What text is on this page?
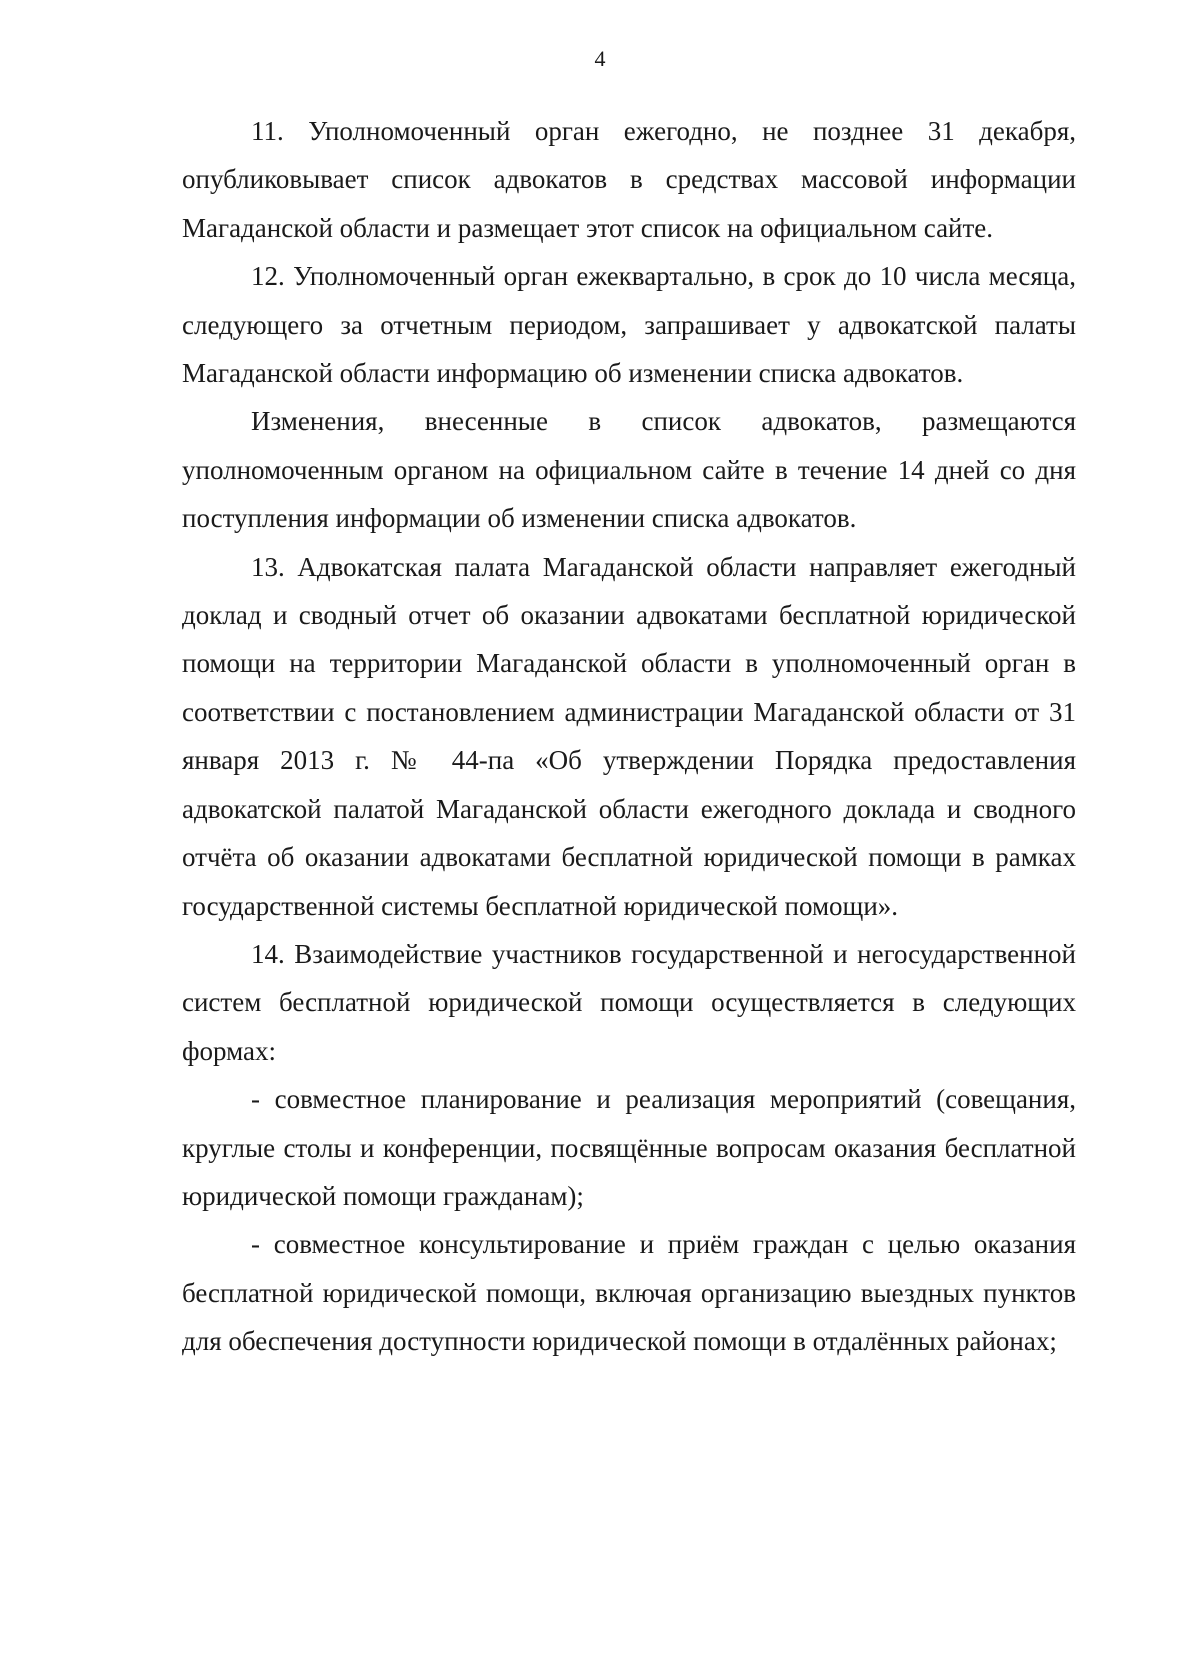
4

11. Уполномоченный орган ежегодно, не позднее 31 декабря, опубликовывает список адвокатов в средствах массовой информации Магаданской области и размещает этот список на официальном сайте.

12. Уполномоченный орган ежеквартально, в срок до 10 числа месяца, следующего за отчетным периодом, запрашивает у адвокатской палаты Магаданской области информацию об изменении списка адвокатов.

Изменения, внесенные в список адвокатов, размещаются уполномоченным органом на официальном сайте в течение 14 дней со дня поступления информации об изменении списка адвокатов.

13. Адвокатская палата Магаданской области направляет ежегодный доклад и сводный отчет об оказании адвокатами бесплатной юридической помощи на территории Магаданской области в уполномоченный орган в соответствии с постановлением администрации Магаданской области от 31 января 2013 г. № 44-па «Об утверждении Порядка предоставления адвокатской палатой Магаданской области ежегодного доклада и сводного отчёта об оказании адвокатами бесплатной юридической помощи в рамках государственной системы бесплатной юридической помощи».

14. Взаимодействие участников государственной и негосударственной систем бесплатной юридической помощи осуществляется в следующих формах:

- совместное планирование и реализация мероприятий (совещания, круглые столы и конференции, посвящённые вопросам оказания бесплатной юридической помощи гражданам);

- совместное консультирование и приём граждан с целью оказания бесплатной юридической помощи, включая организацию выездных пунктов для обеспечения доступности юридической помощи в отдалённых районах;
